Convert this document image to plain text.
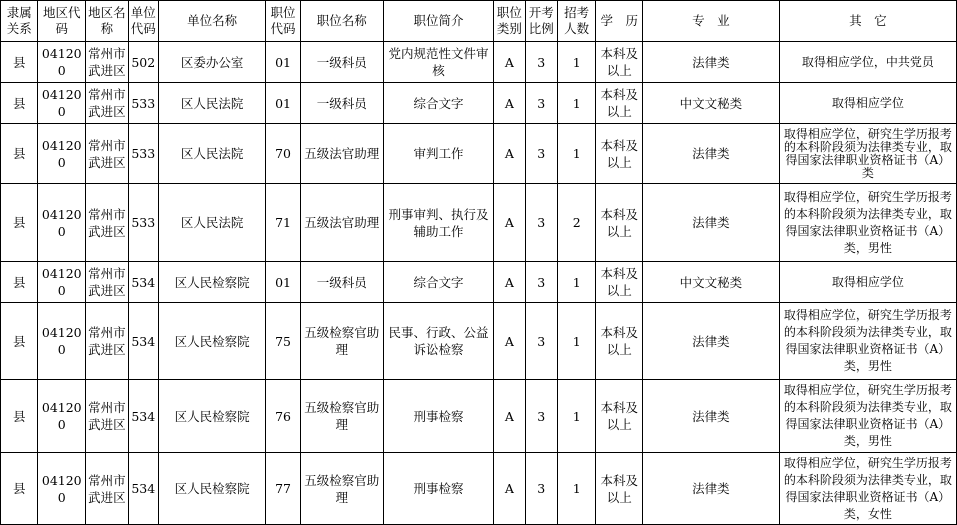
隶属关系	地区代码	地区名称	单位代码	单位名称	职位代码	职位名称	职位简介	职位类别	开考比例	招考人数	学　历	专　业	其　它
县	041200	常州市武进区	502	区委办公室	01	一级科员	党内规范性文件审核	A	3	1	本科及以上	法律类	取得相应学位，中共党员
县	041200	常州市武进区	533	区人民法院	01	一级科员	综合文字	A	3	1	本科及以上	中文文秘类	取得相应学位
县	041200	常州市武进区	533	区人民法院	70	五级法官助理	审判工作	A	3	1	本科及以上	法律类	取得相应学位，研究生学历报考的本科阶段须为法律类专业，取得国家法律职业资格证书（A）类
县	041200	常州市武进区	533	区人民法院	71	五级法官助理	刑事审判、执行及辅助工作	A	3	2	本科及以上	法律类	取得相应学位，研究生学历报考的本科阶段须为法律类专业，取得国家法律职业资格证书（A）类，男性
县	041200	常州市武进区	534	区人民检察院	01	一级科员	综合文字	A	3	1	本科及以上	中文文秘类	取得相应学位
县	041200	常州市武进区	534	区人民检察院	75	五级检察官助理	民事、行政、公益诉讼检察	A	3	1	本科及以上	法律类	取得相应学位，研究生学历报考的本科阶段须为法律类专业，取得国家法律职业资格证书（A）类，男性
县	041200	常州市武进区	534	区人民检察院	76	五级检察官助理	刑事检察	A	3	1	本科及以上	法律类	取得相应学位，研究生学历报考的本科阶段须为法律类专业，取得国家法律职业资格证书（A）类，男性
县	041200	常州市武进区	534	区人民检察院	77	五级检察官助理	刑事检察	A	3	1	本科及以上	法律类	取得相应学位，研究生学历报考的本科阶段须为法律类专业，取得国家法律职业资格证书（A）类，女性
